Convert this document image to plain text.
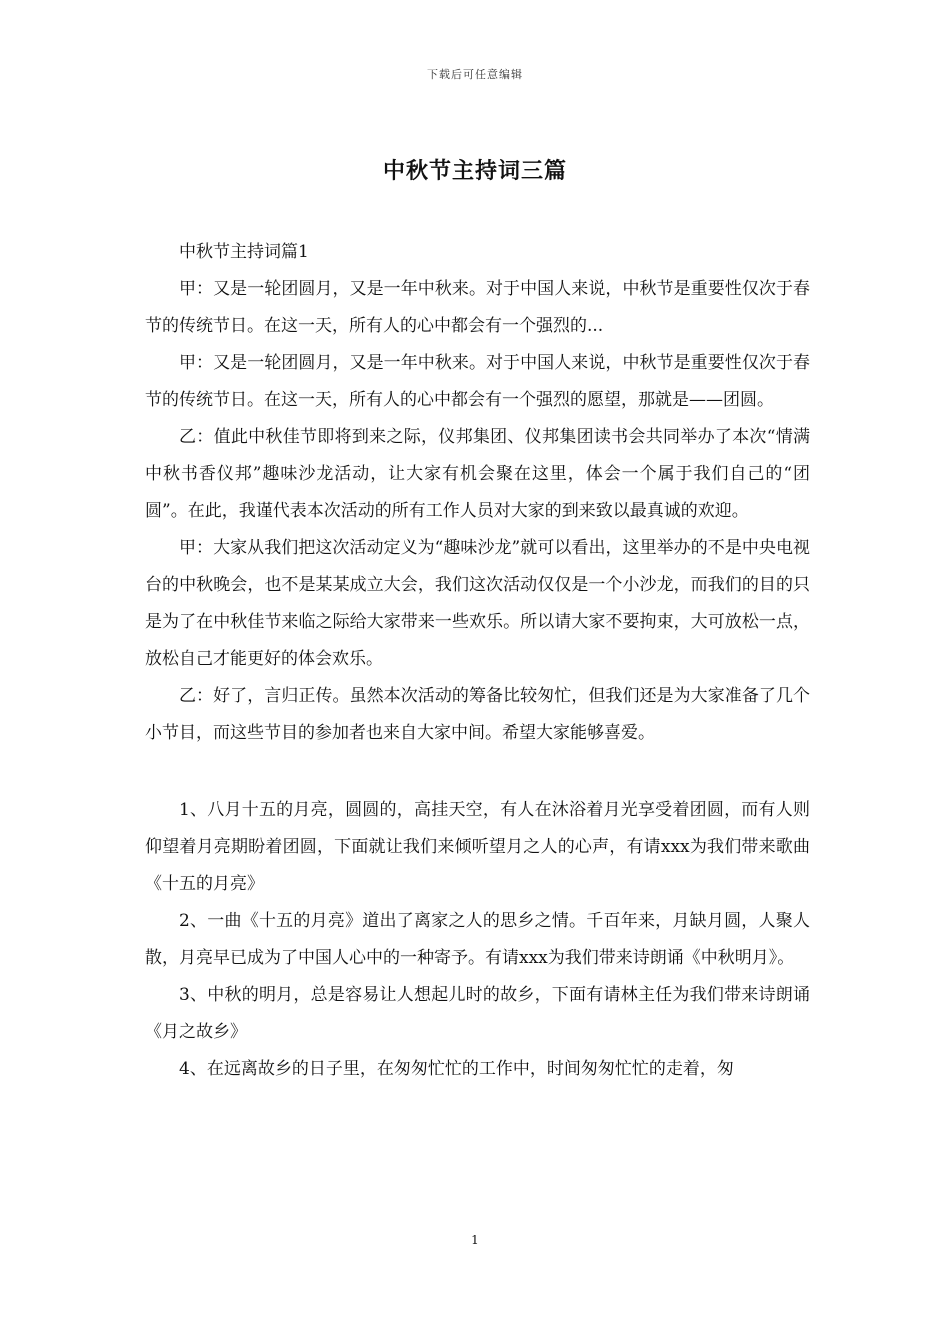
下载后可任意编辑
中秋节主持词三篇

中秋节主持词篇1

甲：又是一轮团圆月，又是一年中秋来。对于中国人来说，中秋节是重要性仅次于春节的传统节日。在这一天，所有人的心中都会有一个强烈的...

甲：又是一轮团圆月，又是一年中秋来。对于中国人来说，中秋节是重要性仅次于春节的传统节日。在这一天，所有人的心中都会有一个强烈的愿望，那就是——团圆。

乙：值此中秋佳节即将到来之际，仪邦集团、仪邦集团读书会共同举办了本次“情满中秋书香仪邦”趣味沙龙活动，让大家有机会聚在这里，体会一个属于我们自己的“团圆”。在此，我谨代表本次活动的所有工作人员对大家的到来致以最真诚的欢迎。

甲：大家从我们把这次活动定义为“趣味沙龙”就可以看出，这里举办的不是中央电视台的中秋晚会，也不是某某成立大会，我们这次活动仅仅是一个小沙龙，而我们的目的只是为了在中秋佳节来临之际给大家带来一些欢乐。所以请大家不要拘束，大可放松一点，放松自己才能更好的体会欢乐。

乙：好了，言归正传。虽然本次活动的筹备比较匆忙，但我们还是为大家准备了几个小节目，而这些节目的参加者也来自大家中间。希望大家能够喜爱。

1、八月十五的月亮，圆圆的，高挂天空，有人在沐浴着月光享受着团圆，而有人则仰望着月亮期盼着团圆，下面就让我们来倾听望月之人的心声，有请xxx为我们带来歌曲《十五的月亮》

2、一曲《十五的月亮》道出了离家之人的思乡之情。千百年来，月缺月圆，人聚人散，月亮早已成为了中国人心中的一种寄予。有请xxx为我们带来诗朗诵《中秋明月》。

3、中秋的明月，总是容易让人想起儿时的故乡，下面有请林主任为我们带来诗朗诵《月之故乡》

4、在远离故乡的日子里，在匆匆忙忙的工作中，时间匆匆忙忙的走着，匆

1
